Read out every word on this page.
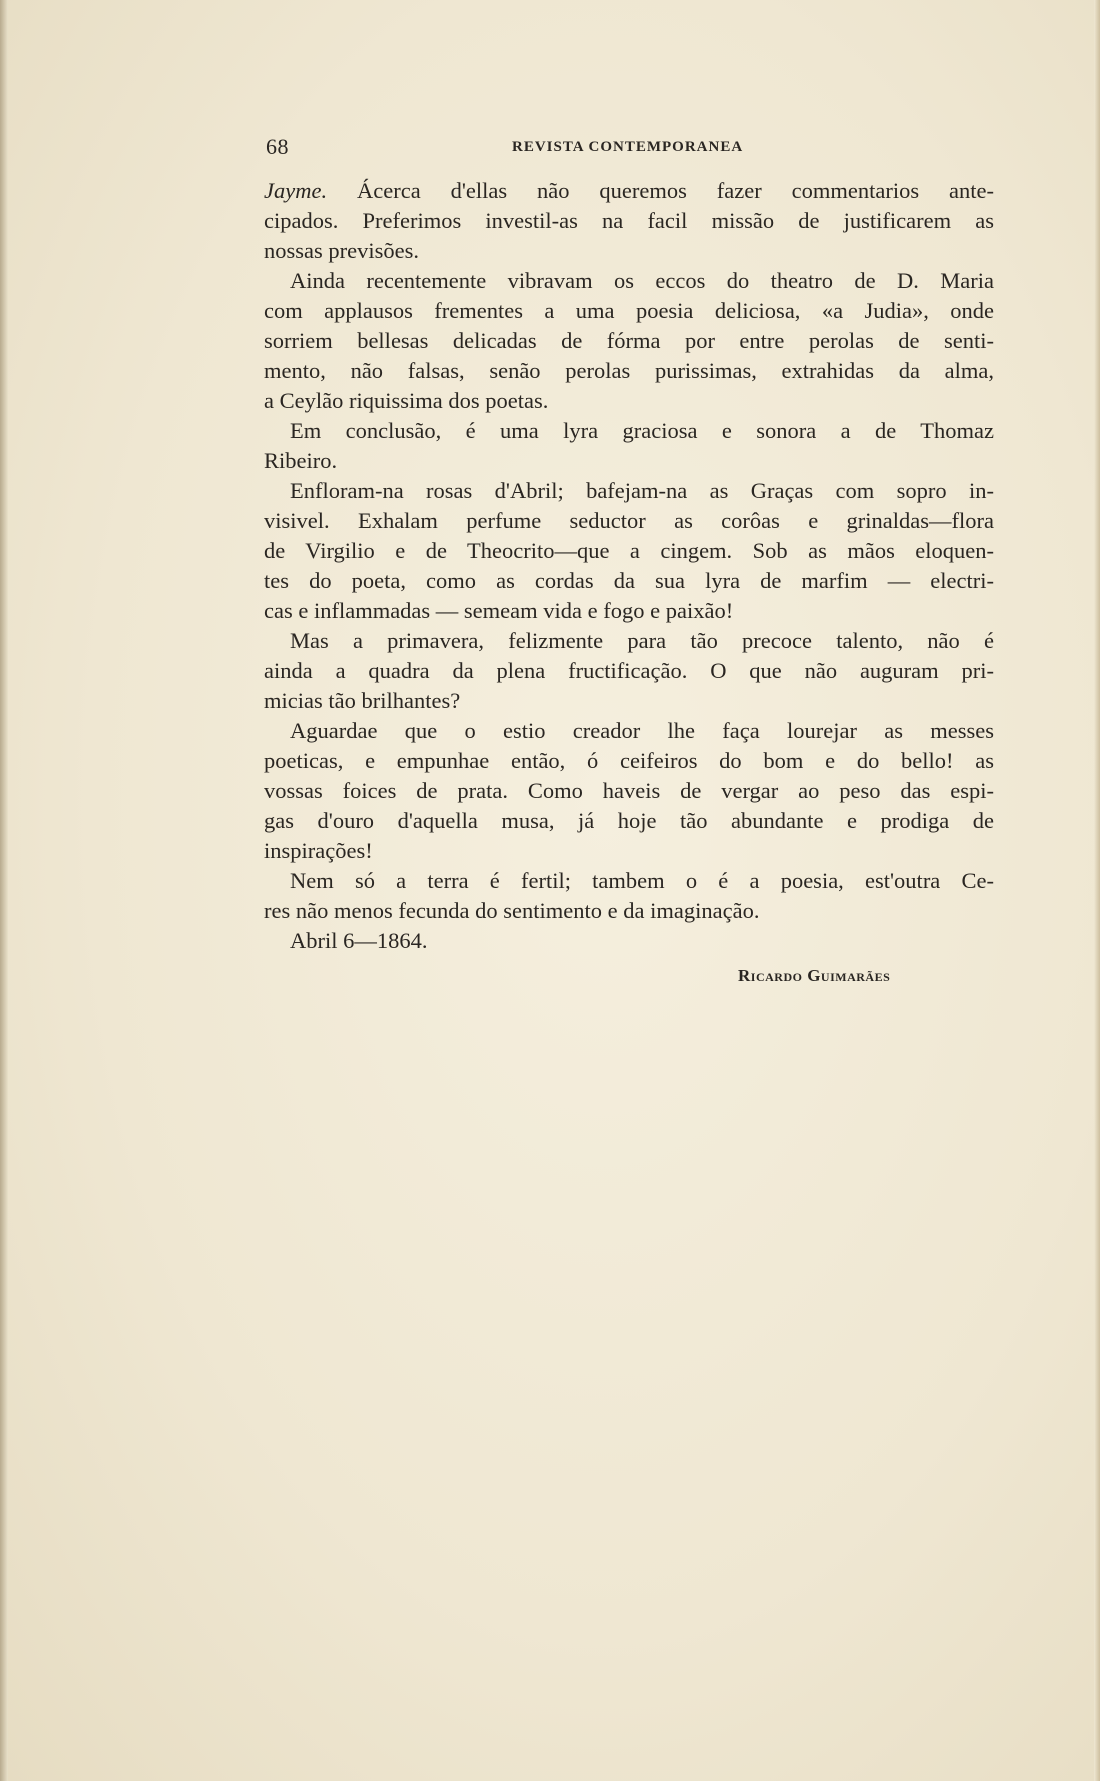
68	REVISTA CONTEMPORANEA
Jayme. Ácerca d'ellas não queremos fazer commentarios ante-
cipados. Preferimos investil-as na facil missão de justificarem as
nossas previsões.
Ainda recentemente vibravam os eccos do theatro de D. Maria
com applausos frementes a uma poesia deliciosa, «a Judia», onde
sorriem bellesas delicadas de fórma por entre perolas de senti-
mento, não falsas, senão perolas purissimas, extrahidas da alma,
a Ceylão riquissima dos poetas.
Em conclusão, é uma lyra graciosa e sonora a de Thomaz
Ribeiro.
Enfloram-na rosas d'Abril; bafejam-na as Graças com sopro in-
visivel. Exhalam perfume seductor as corôas e grinaldas—flora
de Virgilio e de Theocrito—que a cingem. Sob as mãos eloquen-
tes do poeta, como as cordas da sua lyra de marfim — electri-
cas e inflammadas — semeam vida e fogo e paixão!
Mas a primavera, felizmente para tão precoce talento, não é
ainda a quadra da plena fructificação. O que não auguram pri-
micias tão brilhantes?
Aguardae que o estio creador lhe faça lourejar as messes
poeticas, e empunhae então, ó ceifeiros do bom e do bello! as
vossas foices de prata. Como haveis de vergar ao peso das espi-
gas d'ouro d'aquella musa, já hoje tão abundante e prodiga de
inspirações!
Nem só a terra é fertil; tambem o é a poesia, est'outra Ce-
res não menos fecunda do sentimento e da imaginação.
Abril 6—1864.
Ricardo Guimarães
